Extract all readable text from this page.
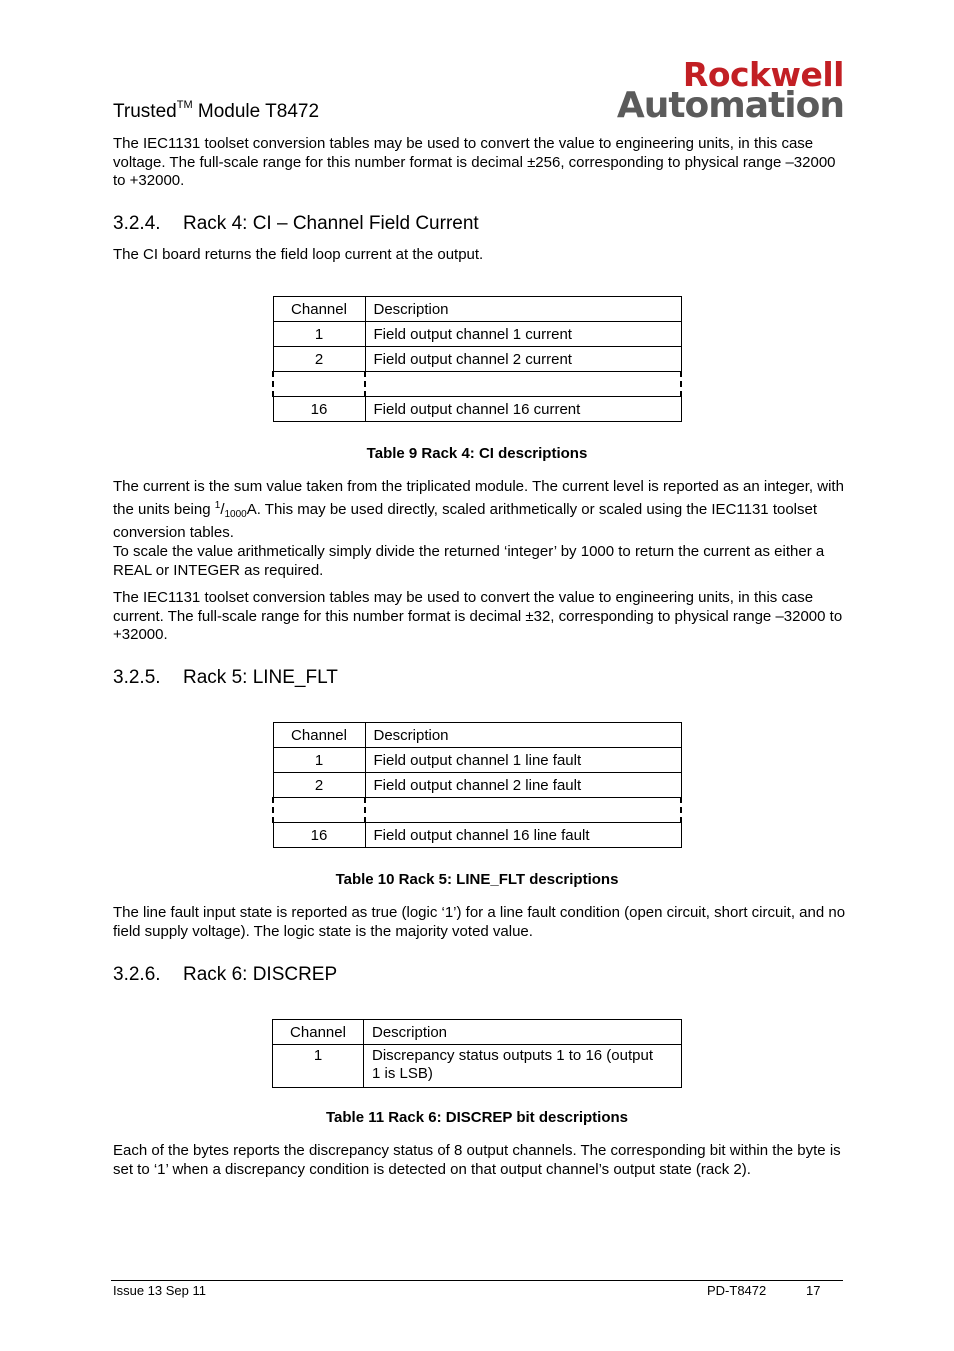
Trusted™ Module T8472
Rockwell
Automation

The IEC1131 toolset conversion tables may be used to convert the value to engineering units, in this case voltage. The full-scale range for this number format is decimal ±256, corresponding to physical range –32000 to +32000.

3.2.4. Rack 4: CI – Channel Field Current

The CI board returns the field loop current at the output.

Channel	Description
1	Field output channel 1 current
2	Field output channel 2 current

16	Field output channel 16 current
Table 9 Rack 4: CI descriptions

The current is the sum value taken from the triplicated module. The current level is reported as an integer, with the units being $^1/_{1000}A$. This may be used directly, scaled arithmetically or scaled using the IEC1131 toolset conversion tables.

To scale the value arithmetically simply divide the returned ‘integer’ by 1000 to return the current as either a REAL or INTEGER as required.

The IEC1131 toolset conversion tables may be used to convert the value to engineering units, in this case current. The full-scale range for this number format is decimal ±32, corresponding to physical range –32000 to +32000.

3.2.5. Rack 5: LINE_FLT
Channel	Description
1	Field output channel 1 line fault
2	Field output channel 2 line fault

16	Field output channel 16 line fault
Table 10 Rack 5: LINE_FLT descriptions

The line fault input state is reported as true (logic ‘1’) for a line fault condition (open circuit, short circuit, and no field supply voltage). The logic state is the majority voted value.

3.2.6. Rack 6: DISCREP
Channel	Description
1	Discrepancy status outputs 1 to 16 (output
1 is LSB)
Table 11 Rack 6: DISCREP bit descriptions

Each of the bytes reports the discrepancy status of 8 output channels. The corresponding bit within the byte is set to ‘1’ when a discrepancy condition is detected on that output channel’s output state (rack 2).

Issue 13 Sep 11	PD-T8472	17
